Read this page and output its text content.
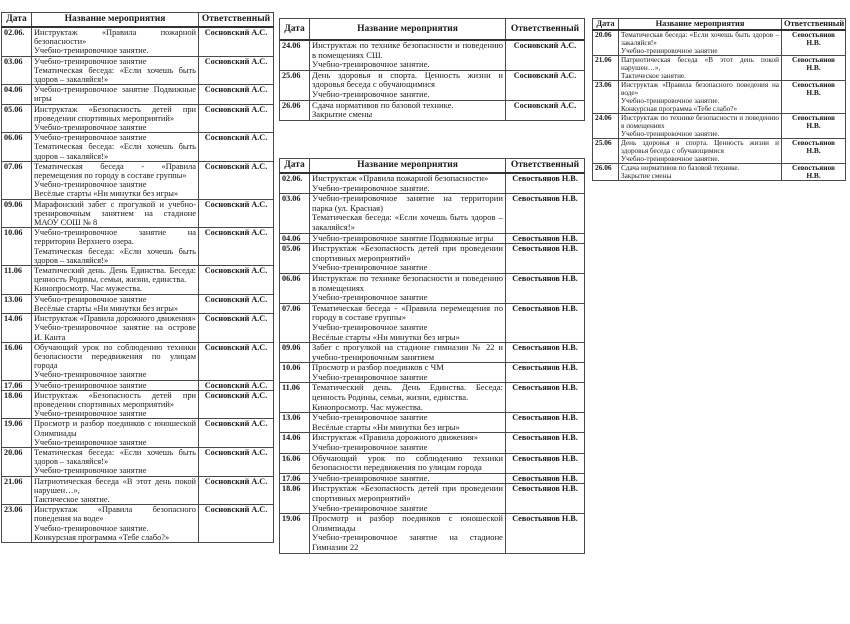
Дата	Название мероприятия	Ответственный
02.06.	Инструктаж «Правила пожарной безопасности»
Учебно-тренировочное занятие.	Сосновский А.С.
03.06	Учебно-тренировочное занятие
Тематическая беседа: «Если хочешь быть здоров – закаляйся!»	Сосновский А.С.
04.06	Учебно-тренировочное занятие Подвижные игры	Сосновский А.С.
05.06	Инструктаж «Безопасность детей при проведении спортивных мероприятий»
Учебно-тренировочное занятие	Сосновский А.С.
06.06	Учебно-тренировочное занятие
Тематическая беседа: «Если хочешь быть здоров – закаляйся!»	Сосновский А.С.
07.06	Тематическая беседа - «Правила перемещения по городу в составе группы»
Учебно-тренировочное занятие
Весёлые старты «Ни минутки без игры»	Сосновский А.С.
09.06	Марафонский забег с прогулкой и учебно-тренировочным занятием на стадионе МАОУ СОШ № 8	Сосновский А.С.
10.06	Учебно-тренировочное занятие на территории Верхнего озера.
Тематическая беседа: «Если хочешь быть здоров – закаляйся!»	Сосновский А.С.
11.06	Тематический день. День Единства. Беседа: ценность Родины, семьи, жизни, единства.
Кинопросмотр. Час мужества.	Сосновский А.С.
13.06	Учебно-тренировочное занятие
Весёлые старты «Ни минутки без игры»	Сосновский А.С.
14.06	Инструктаж «Правила дорожного движения»
Учебно-тренировочное занятие на острове И. Канта	Сосновский А.С.
16.06	Обучающий урок по соблюдению техники безопасности передвижения по улицам города
Учебно-тренировочное занятие	Сосновский А.С.
17.06	Учебно-тренировочное занятие	Сосновский А.С.
18.06	Инструктаж «Безопасность детей при проведении спортивных мероприятий»
Учебно-тренировочное занятие	Сосновский А.С.
19.06	Просмотр и разбор поединков с юношеской Олимпиады
Учебно-тренировочное занятие	Сосновский А.С.
20.06	Тематическая беседа: «Если хочешь быть здоров – закаляйся!»
Учебно-тренировочное занятие	Сосновский А.С.
21.06	Патриотическая беседа «В этот день покой нарушен…»,
Тактическое занятие.	Сосновский А.С.
23.06	Инструктаж «Правила безопасного поведения на воде»
Учебно-тренировочное занятие.
Конкурсная программа «Тебе слабо?»	Сосновский А.С.
Дата	Название мероприятия	Ответственный
24.06	Инструктаж по технике безопасности и поведению в помещениях СШ.
Учебно-тренировочное занятие.	Сосновский А.С.
25.06	День здоровья и спорта. Ценность жизни и здоровья беседа с обучающимися
Учебно-тренировочное занятие.	Сосновский А.С.
26.06	Сдача нормативов по базовой технике.
Закрытие смены	Сосновский А.С.
Дата	Название мероприятия	Ответственный
02.06.	Инструктаж «Правила пожарной безопасности»
Учебно-тренировочное занятие.	Севостьянов Н.В.
03.06	Учебно-тренировочное занятие на территории парка (ул. Красная)
Тематическая беседа: «Если хочешь быть здоров – закаляйся!»	Севостьянов Н.В.
04.06	Учебно-тренировочное занятие Подвижные игры	Севостьянов Н.В.
05.06	Инструктаж «Безопасность детей при проведении спортивных мероприятий»
Учебно-тренировочное занятие	Севостьянов Н.В.
06.06	Инструктаж по технике безопасности и поведению в помещениях
Учебно-тренировочное занятие	Севостьянов Н.В.
07.06	Тематическая беседа - «Правила перемещения по городу в составе группы»
Учебно-тренировочное занятие
Весёлые старты «Ни минутки без игры»	Севостьянов Н.В.
09.06	Забег с прогулкой на стадионе гимназии № 22 и учебно-тренировочным занятием	Севостьянов Н.В.
10.06	Просмотр и разбор поединков с ЧМ
Учебно-тренировочное занятие	Севостьянов Н.В.
11.06	Тематический день. День Единства. Беседа: ценность Родины, семьи, жизни, единства.
Кинопросмотр. Час мужества.	Севостьянов Н.В.
13.06	Учебно-тренировочное занятие
Весёлые старты «Ни минутки без игры»	Севостьянов Н.В.
14.06	Инструктаж «Правила дорожного движения»
Учебно-тренировочное занятие	Севостьянов Н.В.
16.06	Обучающий урок по соблюдению техники безопасности передвижения по улицам города	Севостьянов Н.В.
17.06	Учебно-тренировочное занятие.	Севостьянов Н.В.
18.06	Инструктаж «Безопасность детей при проведении спортивных мероприятий»
Учебно-тренировочное занятие	Севостьянов Н.В.
19.06	Просмотр и разбор поединков с юношеской Олимпиады
Учебно-тренировочное занятие на стадионе Гимназии 22	Севостьянов Н.В.
Дата	Название мероприятия	Ответственный
20.06	Тематическая беседа: «Если хочешь быть здоров – закаляйся!»
Учебно-тренировочное занятие	Севостьянов Н.В.
21.06	Патриотическая беседа «В этот день покой нарушен…»,
Тактическое занятие.	Севостьянов Н.В.
23.06	Инструктаж «Правила безопасного поведения на воде»
Учебно-тренировочное занятие.
Конкурсная программа «Тебе слабо?»	Севостьянов Н.В.
24.06	Инструктаж по технике безопасности и поведению в помещениях
Учебно-тренировочное занятие.	Севостьянов Н.В.
25.06	День здоровья и спорта. Ценность жизни и здоровья беседа с обучающимися
Учебно-тренировочное занятие.	Севостьянов Н.В.
26.06	Сдача нормативов по базовой технике.
Закрытие смены	Севостьянов Н.В.
